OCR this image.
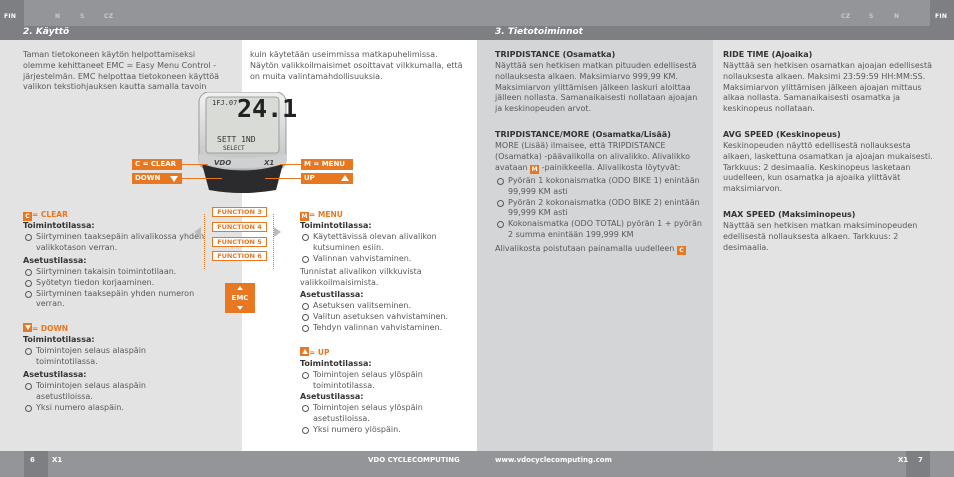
FIN	N	S	CZ	CZ	S	N	FIN
2. Käyttö	3. Tietotoiminnot
Taman tietokoneen käytön helpottamiseksi olemme kehittaneet EMC = Easy Menu Control -järjestelmän. EMC helpottaa tietokoneen käyttöä valikon tekstiohjauksen kautta samalla tavoin
C = CLEAR
Toimintotilassa:
Siirtyminen taaksepäin alivalikossa yhden valikkotason verran.
Asetustilassa:
Siirtyminen takaisin toimintotilaan.
Syötetyn tiedon korjaaminen.
Siirtyminen taaksepäin yhden numeron verran.
= DOWN
Toimintotilassa:
Toimintojen selaus alaspäin toimintotilassa.
Asetustilassa:
Toimintojen selaus alaspäin asetustiloissa.
Yksi numero alaspäin.
kuin käytetään useimmissa matkapuhelimissa. Näytön valikkoilmaisimet osoittavat vilkkumalla, että on muita valintamahdollisuuksia.
1FJ.07 24.1
SETT 1ND
SELECT
VDO	X1
C = CLEAR
DOWN
M = MENU
UP
FUNCTION 3
FUNCTION 4
FUNCTION 5
FUNCTION 6
EMC
M = MENU
Toimintotilassa:
Käytettävissä olevan alivalikon kutsuminen esiin.
Valinnan vahvistaminen.
Tunnistat alivalikon vilkkuvista valikkoilmaisimista.
Asetustilassa:
Asetuksen valitseminen.
Valitun asetuksen vahvistaminen.
Tehdyn valinnan vahvistaminen.
= UP
Toimintotilassa:
Toimintojen selaus ylöspäin toimintotilassa.
Asetustilassa:
Toimintojen selaus ylöspäin asetustiloissa.
Yksi numero ylöspäin.
TRIPDISTANCE (Osamatka)
Näyttää sen hetkisen matkan pituuden edellisestä nollauksesta alkaen. Maksimiarvo 999,99 KM. Maksimiarvon ylittämisen jälkeen laskuri aloittaa jälleen nollasta. Samanaikaisesti nollataan ajoajan ja keskinopeuden arvot.
TRIPDISTANCE/MORE (Osamatka/Lisää)
MORE (Lisää) ilmaisee, että TRIPDISTANCE (Osamatka) -päävalikolla on alivalikko. Alivalikko avataan M -painikkeella. Alivalikosta löytyvät:
Pyörän 1 kokonaismatka (ODO BIKE 1) enintään 99,999 KM asti
Pyörän 2 kokonaismatka (ODO BIKE 2) enintään 99,999 KM asti
Kokonaismatka (ODO TOTAL) pyörän 1 + pyörän 2 summa enintään 199,999 KM
Alivalikosta poistutaan painamalla uudelleen C
RIDE TIME (Ajoaika)
Näyttää sen hetkisen osamatkan ajoajan edellisestä nollauksesta alkaen. Maksimi 23:59:59 HH:MM:SS. Maksimiarvon ylittämisen jälkeen ajoajan mittaus alkaa nollasta. Samanaikaisesti osamatka ja keskinopeus nollataan.
AVG SPEED (Keskinopeus)
Keskinopeuden näyttö edellisestä nollauksesta alkaen, laskettuna osamatkan ja ajoajan mukaisesti. Tarkkuus: 2 desimaalia. Keskinopeus lasketaan uudelleen, kun osamatka ja ajoaika ylittävät maksimiarvon.
MAX SPEED (Maksiminopeus)
Näyttää sen hetkisen matkan maksiminopeuden edellisestä nollauksesta alkaen. Tarkkuus: 2 desimaalia.
6 X1	VDO CYCLECOMPUTING	www.vdocyclecomputing.com	X1 7
